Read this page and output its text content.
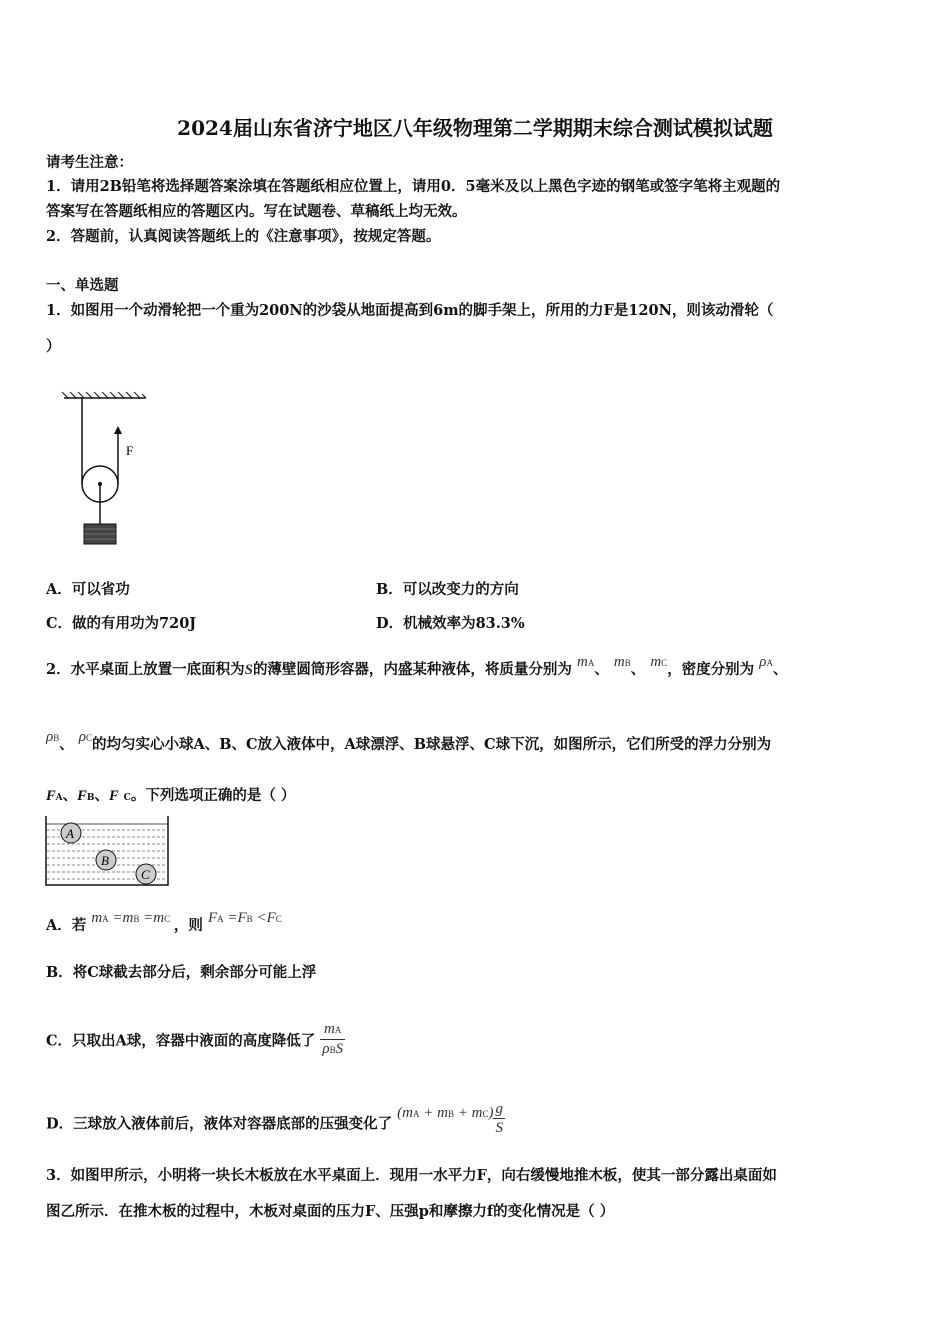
2024届山东省济宁地区八年级物理第二学期期末综合测试模拟试题
请考生注意：
1．请用2B铅笔将选择题答案涂填在答题纸相应位置上，请用0．5毫米及以上黑色字迹的钢笔或签字笔将主观题的
答案写在答题纸相应的答题区内。写在试题卷、草稿纸上均无效。
2．答题前，认真阅读答题纸上的《注意事项》，按规定答题。
一、单选题
1．如图用一个动滑轮把一个重为200N的沙袋从地面提高到6m的脚手架上，所用的力F是120N，则该动滑轮（
）
F
A．可以省功	B．可以改变力的方向
C．做的有用功为720J	D．机械效率为83.3%
2．水平桌面上放置一底面积为S的薄壁圆筒形容器，内盛某种液体，将质量分别为 mA、 mB、 mC，密度分别为 ρA、
ρB、 ρC的均匀实心小球A、B、C放入液体中，A球漂浮、B球悬浮、C球下沉，如图所示，它们所受的浮力分别为
FA、FB、F C。下列选项正确的是（ ）
A
B
C
A．若 mA =mB =mC ，则 FA =FB <FC
B．将C球截去部分后，剩余部分可能上浮
C．只取出A球，容器中液面的高度降低了 $\frac{mA}{\text{ρBS}}$
D．三球放入液体前后，液体对容器底部的压强变化了 (mA + mB + $mC) \frac{g}{S}$
3．如图甲所示，小明将一块长木板放在水平桌面上．现用一水平力F，向右缓慢地推木板，使其一部分露出桌面如
图乙所示．在推木板的过程中，木板对桌面的压力F、压强p和摩擦力f的变化情况是（ ）
